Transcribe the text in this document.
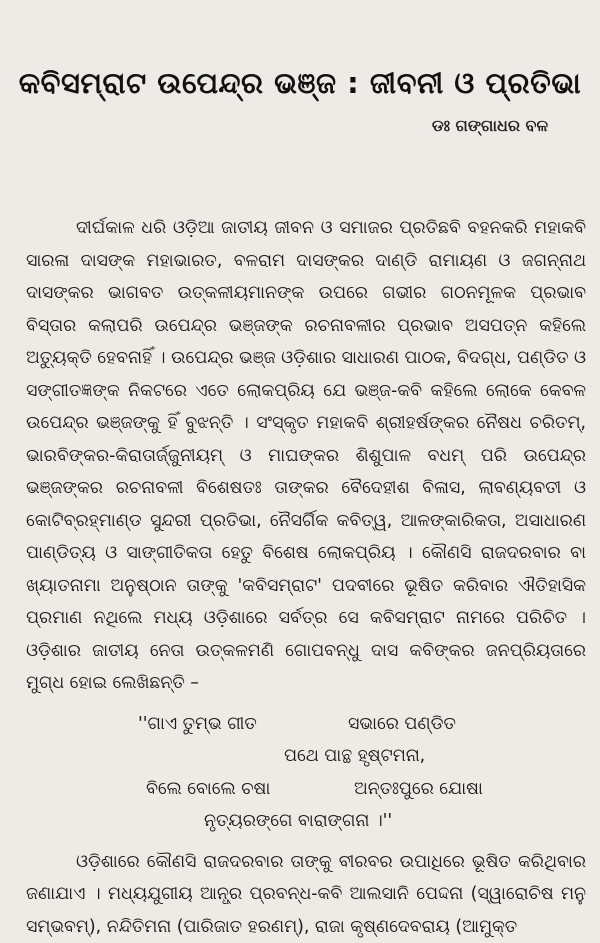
କବିସମ୍ରାଟ ଉପେନ୍ଦ୍ର ଭଞ୍ଜ : ଜୀବନୀ ଓ ପ୍ରତିଭା
ଡଃ ଗଙ୍ଗାଧର ବଳ

ଦୀର୍ଘକାଳ ଧରି ଓଡ଼ିଆ ଜାତୀୟ ଜୀବନ ଓ ସମାଜର ପ୍ରତିଛବି ବହନକରି ମହାକବି ସାରଳା ଦାସଙ୍କ ମହାଭାରତ, ବଳରାମ ଦାସଙ୍କର ଦାଣ୍ଡି ରାମାୟଣ ଓ ଜଗନ୍ନାଥ ଦାସଙ୍କର ଭାଗବତ ଉତ୍କଳୀୟମାନଙ୍କ ଉପରେ ଗଭୀର ଗଠନମୂଳକ ପ୍ରଭାବ ବିସ୍ତାର କଲାପରି ଉପେନ୍ଦ୍ର ଭଞ୍ଜଙ୍କ ରଚନାବଳୀର ପ୍ରଭାବ ଅସପତ୍ନ କହିଲେ ଅତ୍ୟୁକ୍ତି ହେବନାହିଁ । ଉପେନ୍ଦ୍ର ଭଞ୍ଜ ଓଡ଼ିଶାର ସାଧାରଣ ପାଠକ, ବିଦଗ୍ଧ, ପଣ୍ଡିତ ଓ ସଙ୍ଗୀତଜ୍ଞଙ୍କ ନିକଟରେ ଏତେ ଲୋକପ୍ରିୟ ଯେ ଭଞ୍ଜ-କବି କହିଲେ ଲୋକେ କେବଳ ଉପେନ୍ଦ୍ର ଭଞ୍ଜଙ୍କୁ ହିଁ ବୁଝନ୍ତି । ସଂସ୍କୃତ ମହାକବି ଶ୍ରୀହର୍ଷଙ୍କର ନୈଷଧ ଚରିତମ୍, ଭାରବିଙ୍କର-କିରାତାର୍ଜ୍ଜୁନୀୟମ୍ ଓ ମାଘଙ୍କର ଶିଶୁପାଳ ବଧମ୍ ପରି ଉପେନ୍ଦ୍ର ଭଞ୍ଜଙ୍କର ରଚନାବଳୀ ବିଶେଷତଃ ତାଙ୍କର ବୈଦେହୀଶ ବିଳାସ, ଲାବଣ୍ୟବତୀ ଓ କୋଟିବ୍ରହ୍ମାଣ୍ଡ ସୁନ୍ଦରୀ ପ୍ରତିଭା, ନୈସର୍ଗିକ କବିତ୍ୱ, ଆଳଙ୍କାରିକତା, ଅସାଧାରଣ ପାଣ୍ଡିତ୍ୟ ଓ ସାଙ୍ଗୀତିକତା ହେତୁ ବିଶେଷ ଲୋକପ୍ରିୟ । କୌଣସି ରାଜଦରବାର ବା ଖ୍ୟାତନାମା ଅନୁଷ୍ଠାନ ତାଙ୍କୁ 'କବିସମ୍ରାଟ' ପଦବୀରେ ଭୂଷିତ କରିବାର ଐତିହାସିକ ପ୍ରମାଣ ନଥିଲେ ମଧ୍ୟ ଓଡ଼ିଶାରେ ସର୍ବତ୍ର ସେ କବିସମ୍ରାଟ ନାମରେ ପରିଚିତ । ଓଡ଼ିଶାର ଜାତୀୟ ନେତା ଉତ୍କଳମଣି ଗୋପବନ୍ଧୁ ଦାସ କବିଙ୍କର ଜନପ୍ରିୟତାରେ ମୁଗ୍ଧ ହୋଇ ଲେଖିଛନ୍ତି –

''ଗାଏ ତୁମ୍ଭ ଗୀତ	ସଭାରେ ପଣ୍ଡିତ
ପଥେ ପାନ୍ଥ ହୃଷ୍ଟମନା,
ବିଲେ ବୋଲେ ଚଷା	ଅନ୍ତଃପୁରେ ଯୋଷା
ନୃତ୍ୟରଙ୍ଗେ ବାରାଙ୍ଗନା ।''

ଓଡ଼ିଶାରେ କୌଣସି ରାଜଦରବାର ତାଙ୍କୁ ବୀରବର ଉପାଧିରେ ଭୂଷିତ କରିଥିବାର ଜଣାଯାଏ । ମଧ୍ୟଯୁଗୀୟ ଆନ୍ଧ୍ର ପ୍ରବନ୍ଧ-କବି ଆଲସାନି ପେଦ୍ଦନା (ସ୍ୱାରୋଚିଷ ମନୁ ସମ୍ଭବମ୍), ନନ୍ଦିତିମନା (ପାରିଜାତ ହରଣମ୍), ରାଜା କୃଷ୍ଣଦେବରାୟ (ଆମୁକ୍ତ
